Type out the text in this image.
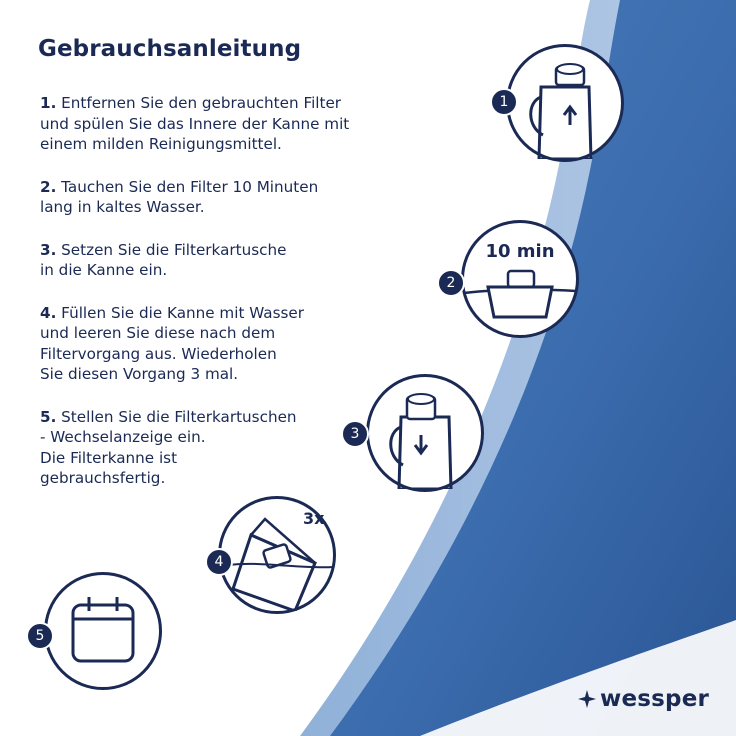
Gebrauchsanleitung

1. Entfernen Sie den gebrauchten Filter
und spülen Sie das Innere der Kanne mit
einem milden Reinigungsmittel.

2. Tauchen Sie den Filter 10 Minuten
lang in kaltes Wasser.

3. Setzen Sie die Filterkartusche
in die Kanne ein.

4. Füllen Sie die Kanne mit Wasser
und leeren Sie diese nach dem
Filtervorgang aus. Wiederholen
Sie diesen Vorgang 3 mal.

5. Stellen Sie die Filterkartuschen
- Wechselanzeige ein.
Die Filterkanne ist
gebrauchsfertig.

1
10 min
2
3
3x
4
5
wessper
